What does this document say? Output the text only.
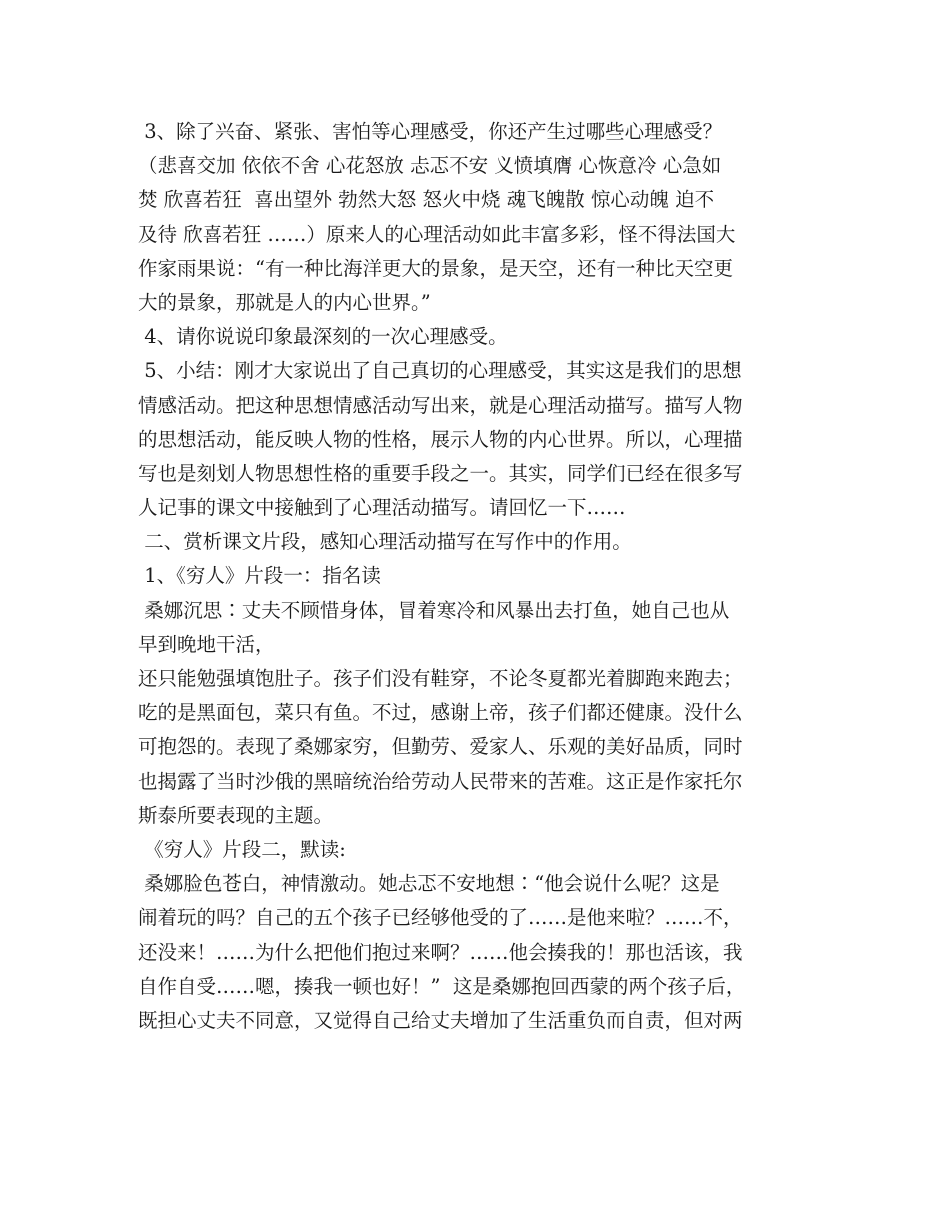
3、除了兴奋、紧张、害怕等心理感受，你还产生过哪些心理感受？
（悲喜交加 依依不舍 心花怒放 忐忑不安 义愤填膺 心恢意冷 心急如
焚 欣喜若狂  喜出望外 勃然大怒 怒火中烧 魂飞魄散 惊心动魄 迫不
及待 欣喜若狂 ……）原来人的心理活动如此丰富多彩，怪不得法国大
作家雨果说：“有一种比海洋更大的景象，是天空，还有一种比天空更
大的景象，那就是人的内心世界。”
4、请你说说印象最深刻的一次心理感受。
5、小结：刚才大家说出了自己真切的心理感受，其实这是我们的思想
情感活动。把这种思想情感活动写出来，就是心理活动描写。描写人物
的思想活动，能反映人物的性格，展示人物的内心世界。所以，心理描
写也是刻划人物思想性格的重要手段之一。其实，同学们已经在很多写
人记事的课文中接触到了心理活动描写。请回忆一下……
二、赏析课文片段，感知心理活动描写在写作中的作用。
1、《穷人》片段一：指名读
桑娜沉思∶丈夫不顾惜身体，冒着寒冷和风暴出去打鱼，她自己也从
早到晚地干活，
还只能勉强填饱肚子。孩子们没有鞋穿，不论冬夏都光着脚跑来跑去；
吃的是黑面包，菜只有鱼。不过，感谢上帝，孩子们都还健康。没什么
可抱怨的。表现了桑娜家穷，但勤劳、爱家人、乐观的美好品质，同时
也揭露了当时沙俄的黑暗统治给劳动人民带来的苦难。这正是作家托尔
斯泰所要表现的主题。
《穷人》片段二，默读:
桑娜脸色苍白，神情激动。她忐忑不安地想∶“他会说什么呢？这是
闹着玩的吗？自己的五个孩子已经够他受的了……是他来啦？……不，
还没来！……为什么把他们抱过来啊？……他会揍我的！那也活该，我
自作自受……嗯，揍我一顿也好！”  这是桑娜抱回西蒙的两个孩子后，
既担心丈夫不同意，又觉得自己给丈夫增加了生活重负而自责，但对两
